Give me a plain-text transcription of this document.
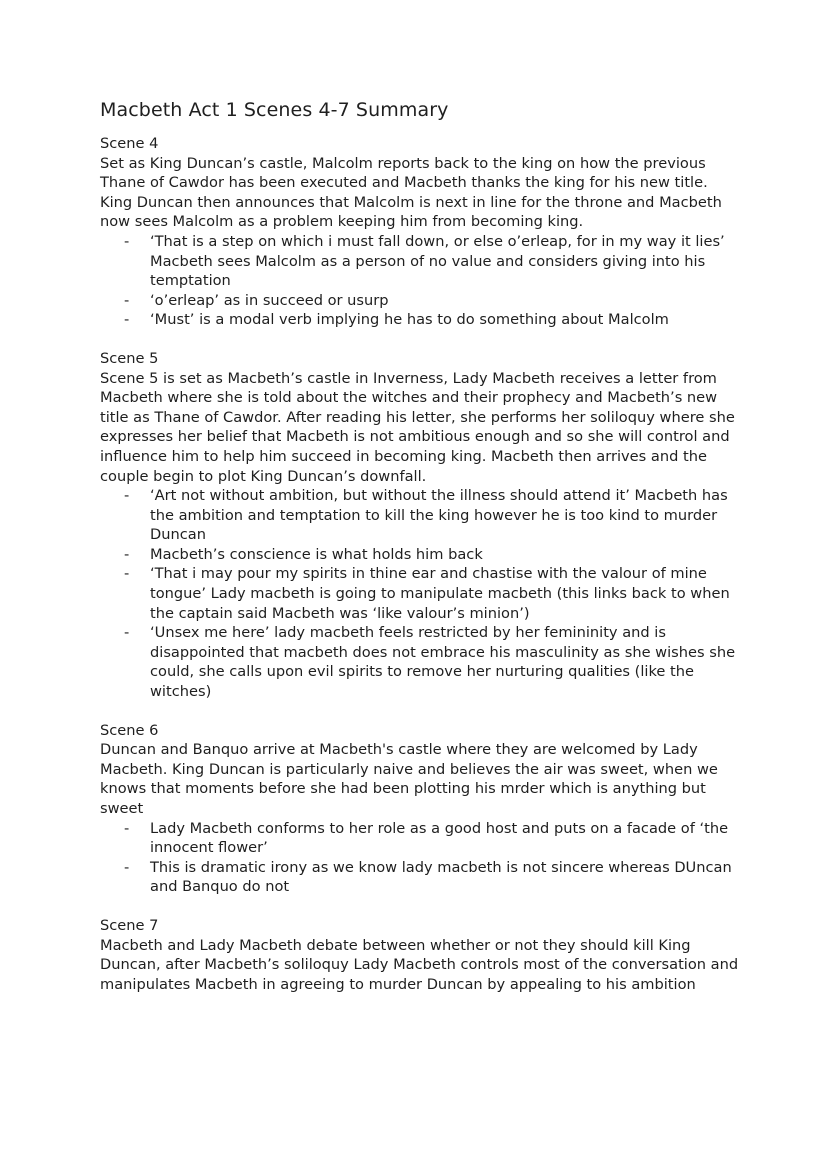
Macbeth Act 1 Scenes 4-7 Summary

Scene 4

Set as King Duncan’s castle, Malcolm reports back to the king on how the previous Thane of Cawdor has been executed and Macbeth thanks the king for his new title. King Duncan then announces that Malcolm is next in line for the throne and Macbeth now sees Malcolm as a problem keeping him from becoming king.

- ‘That is a step on which i must fall down, or else o’erleap, for in my way it lies’ Macbeth sees Malcolm as a person of no value and considers giving into his temptation
- ‘o’erleap’ as in succeed or usurp
- ‘Must’ is a modal verb implying he has to do something about Malcolm

Scene 5

Scene 5 is set as Macbeth’s castle in Inverness, Lady Macbeth receives a letter from Macbeth where she is told about the witches and their prophecy and Macbeth’s new title as Thane of Cawdor. After reading his letter, she performs her soliloquy where she expresses her belief that Macbeth is not ambitious enough and so she will control and influence him to help him succeed in becoming king. Macbeth then arrives and the couple begin to plot King Duncan’s downfall.

- ‘Art not without ambition, but without the illness should attend it’ Macbeth has the ambition and temptation to kill the king however he is too kind to murder Duncan
- Macbeth’s conscience is what holds him back
- ‘That i may pour my spirits in thine ear and chastise with the valour of mine tongue’ Lady macbeth is going to manipulate macbeth (this links back to when the captain said Macbeth was ‘like valour’s minion’)
- ‘Unsex me here’ lady macbeth feels restricted by her femininity and is disappointed that macbeth does not embrace his masculinity as she wishes she could, she calls upon evil spirits to remove her nurturing qualities (like the witches)

Scene 6

Duncan and Banquo arrive at Macbeth's castle where they are welcomed by Lady Macbeth. King Duncan is particularly naive and believes the air was sweet, when we knows that moments before she had been plotting his mrder which is anything but sweet

- Lady Macbeth conforms to her role as a good host and puts on a facade of ‘the innocent flower’
- This is dramatic irony as we know lady macbeth is not sincere whereas DUncan and Banquo do not

Scene 7

Macbeth and Lady Macbeth debate between whether or not they should kill King Duncan, after Macbeth’s soliloquy Lady Macbeth controls most of the conversation and manipulates Macbeth in agreeing to murder Duncan by appealing to his ambition
